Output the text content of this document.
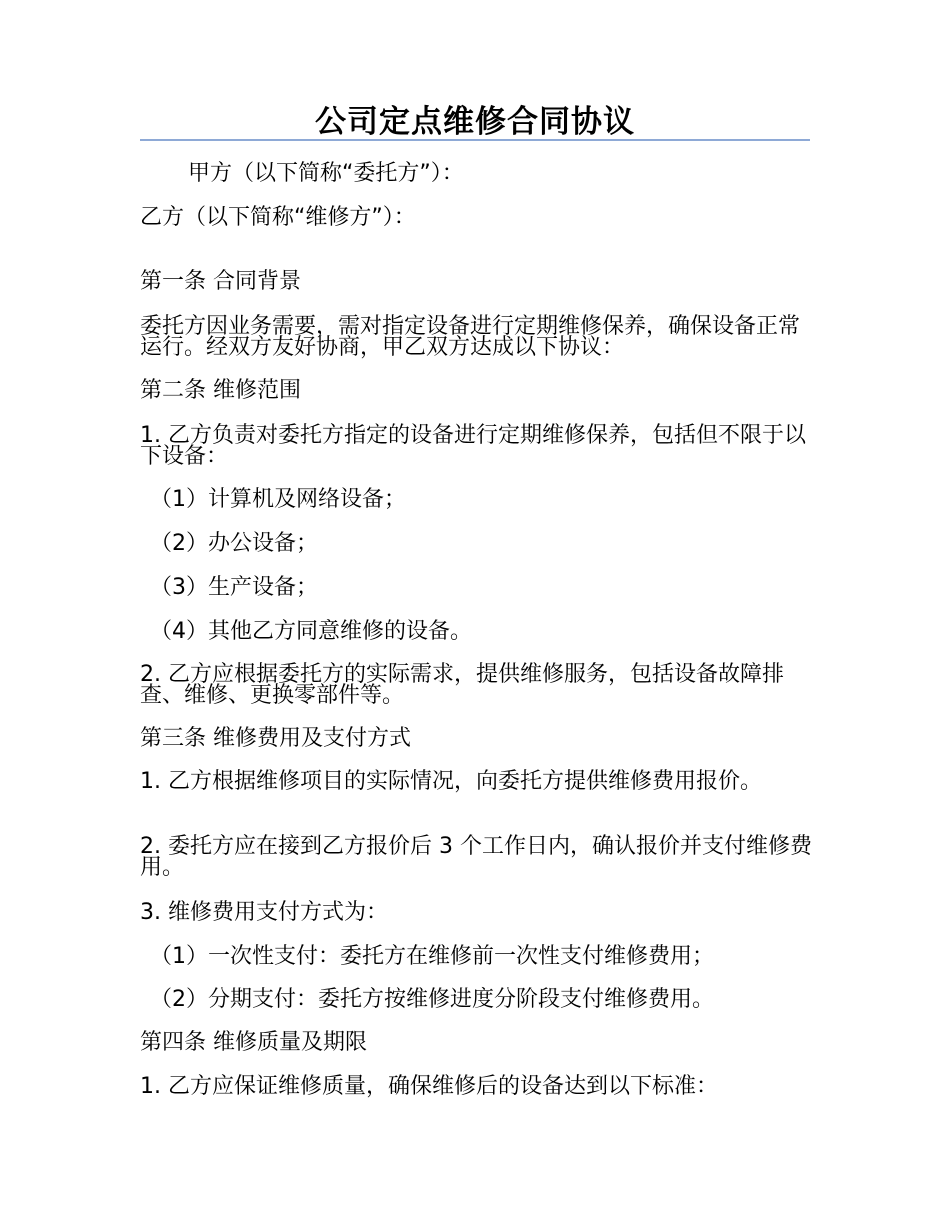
公司定点维修合同协议
甲方（以下简称“委托方”）：
乙方（以下简称“维修方”）：
第一条 合同背景
委托方因业务需要，需对指定设备进行定期维修保养，确保设备正常运行。经双方友好协商，甲乙双方达成以下协议：
第二条 维修范围
1. 乙方负责对委托方指定的设备进行定期维修保养，包括但不限于以下设备：
（1）计算机及网络设备；
（2）办公设备；
（3）生产设备；
（4）其他乙方同意维修的设备。
2. 乙方应根据委托方的实际需求，提供维修服务，包括设备故障排查、维修、更换零部件等。
第三条 维修费用及支付方式
1. 乙方根据维修项目的实际情况，向委托方提供维修费用报价。
2. 委托方应在接到乙方报价后 3 个工作日内，确认报价并支付维修费用。
3. 维修费用支付方式为：
（1）一次性支付：委托方在维修前一次性支付维修费用；
（2）分期支付：委托方按维修进度分阶段支付维修费用。
第四条 维修质量及期限
1. 乙方应保证维修质量，确保维修后的设备达到以下标准：
